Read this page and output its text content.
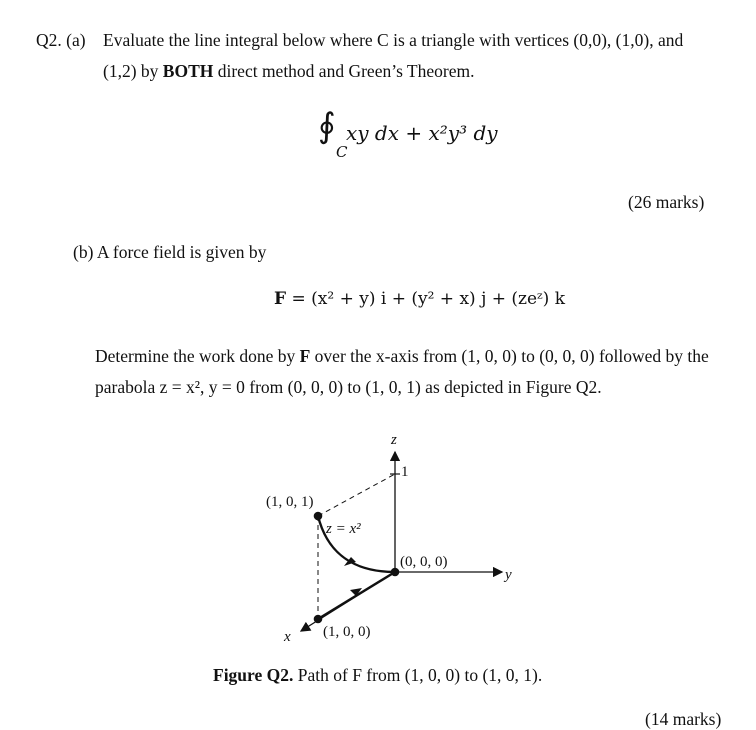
Q2. (a) Evaluate the line integral below where C is a triangle with vertices (0,0), (1,0), and
(1,2) by BOTH direct method and Green’s Theorem.
∮
C
xy dx + x²y³ dy
(26 marks)
(b) A force field is given by
F = (x² + y) i + (y² + x) j + (zeᶻ) k
Determine the work done by F over the x-axis from (1, 0, 0) to (0, 0, 0) followed by the
parabola z = x², y = 0 from (0, 0, 0) to (1, 0, 1) as depicted in Figure Q2.
z
y
x
1
(1, 0, 1)
(0, 0, 0)
(1, 0, 0)
z = x²
Figure Q2. Path of F from (1, 0, 0) to (1, 0, 1).
(14 marks)
